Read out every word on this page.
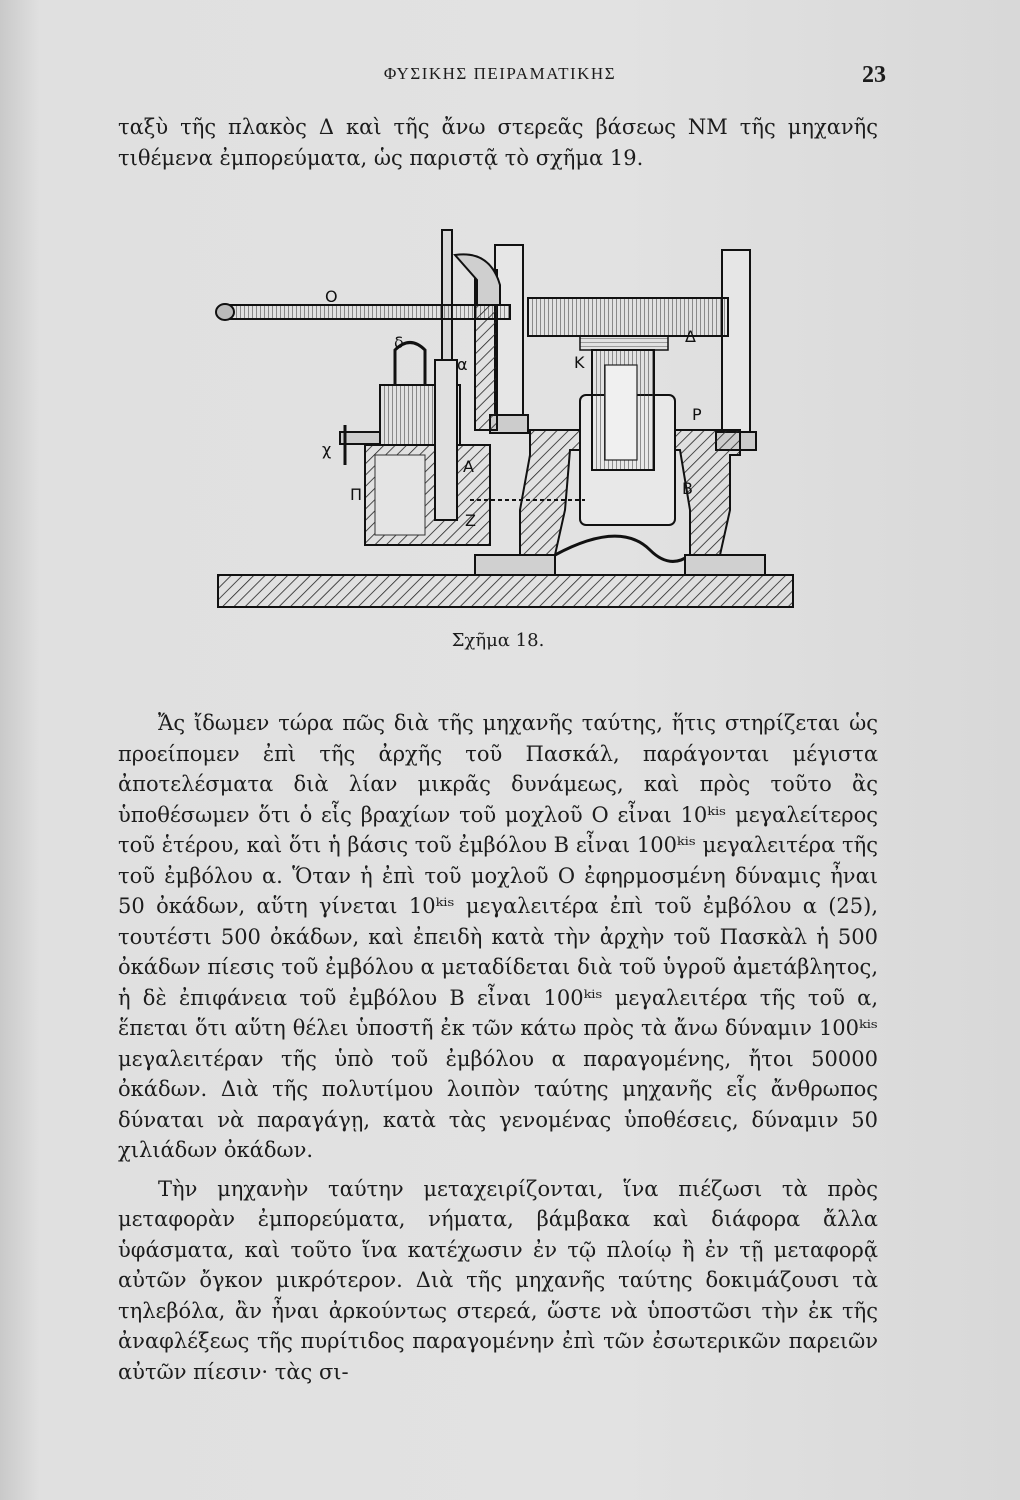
ΦΥΣΙΚΗΣ ΠΕΙΡΑΜΑΤΙΚΗΣ	23

ταξὺ τῆς πλακὸς Δ καὶ τῆς ἄνω στερεᾶς βάσεως ΝΜ τῆς μηχανῆς τιθέμενα ἐμπορεύματα, ὡς παριστᾷ τὸ σχῆμα 19.

Ο
δ
α	Κ
Δ
Ρ
χ
Α
Π
Ζ
Β
Σχῆμα 18.

Ἄς ἴδωμεν τώρα πῶς διὰ τῆς μηχανῆς ταύτης, ἥτις στηρίζεται ὡς προείπομεν ἐπὶ τῆς ἀρχῆς τοῦ Πασκάλ, παράγονται μέγιστα ἀποτελέσματα διὰ λίαν μικρᾶς δυνάμεως, καὶ πρὸς τοῦτο ἂς ὑποθέσωμεν ὅτι ὁ εἷς βραχίων τοῦ μοχλοῦ Ο εἶναι 10ᵏⁱˢ μεγαλείτερος τοῦ ἑτέρου, καὶ ὅτι ἡ βάσις τοῦ ἐμβόλου Β εἶναι 100ᵏⁱˢ μεγαλειτέρα τῆς τοῦ ἐμβόλου α. Ὅταν ἡ ἐπὶ τοῦ μοχλοῦ Ο ἐφηρμοσμένη δύναμις ἦναι 50 ὀκάδων, αὕτη γίνεται 10ᵏⁱˢ μεγαλειτέρα ἐπὶ τοῦ ἐμβόλου α (25), τουτέστι 500 ὀκάδων, καὶ ἐπειδὴ κατὰ τὴν ἀρχὴν τοῦ Πασκὰλ ἡ 500 ὀκάδων πίεσις τοῦ ἐμβόλου α μεταδίδεται διὰ τοῦ ὑγροῦ ἀμετάβλητος, ἡ δὲ ἐπιφάνεια τοῦ ἐμβόλου Β εἶναι 100ᵏⁱˢ μεγαλειτέρα τῆς τοῦ α, ἕπεται ὅτι αὕτη θέλει ὑποστῆ ἐκ τῶν κάτω πρὸς τὰ ἄνω δύναμιν 100ᵏⁱˢ μεγαλειτέραν τῆς ὑπὸ τοῦ ἐμβόλου α παραγομένης, ἤτοι 50000 ὀκάδων. Διὰ τῆς πολυτίμου λοιπὸν ταύτης μηχανῆς εἷς ἄνθρωπος δύναται νὰ παραγάγῃ, κατὰ τὰς γενομένας ὑποθέσεις, δύναμιν 50 χιλιάδων ὀκάδων.

Τὴν μηχανὴν ταύτην μεταχειρίζονται, ἵνα πιέζωσι τὰ πρὸς μεταφορὰν ἐμπορεύματα, νήματα, βάμβακα καὶ διάφορα ἄλλα ὑφάσματα, καὶ τοῦτο ἵνα κατέχωσιν ἐν τῷ πλοίῳ ἢ ἐν τῇ μεταφορᾷ αὐτῶν ὄγκον μικρότερον. Διὰ τῆς μηχανῆς ταύτης δοκιμάζουσι τὰ τηλεβόλα, ἂν ἦναι ἀρκούντως στερεά, ὥστε νὰ ὑποστῶσι τὴν ἐκ τῆς ἀναφλέξεως τῆς πυρίτιδος παραγομένην ἐπὶ τῶν ἐσωτερικῶν παρειῶν αὐτῶν πίεσιν· τὰς σι-
